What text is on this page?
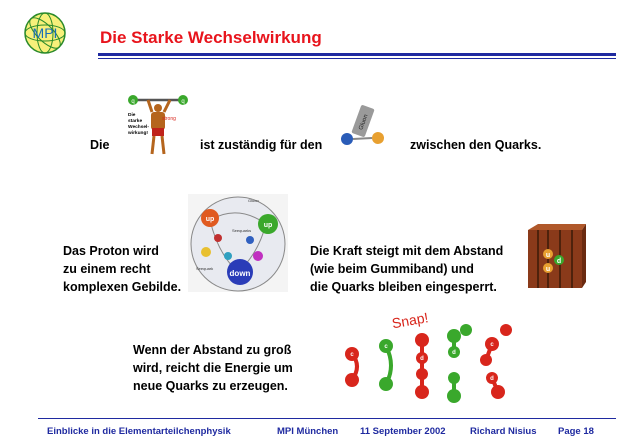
MPI	Die Starke Wechselwirkung
Die
q	q
strong
Die starke Wechsel- wirkung!
ist zuständig für den
Gluon
zwischen den Quarks.
Das Proton wird
zu einem recht
komplexen Gebilde.
up
up
down
Gluon
Seequarks
Seequark
Die Kraft steigt mit dem Abstand
(wie beim Gummiband) und
die Quarks bleiben eingesperrt.
u
u
d
Wenn der Abstand zu groß
wird, reicht die Energie um
neue Quarks zu erzeugen.
Snap!
c
c
d
d
c
d
Einblicke in die Elementarteilchenphysik	MPI München 11 September 2002	Richard Nisius Page 18
